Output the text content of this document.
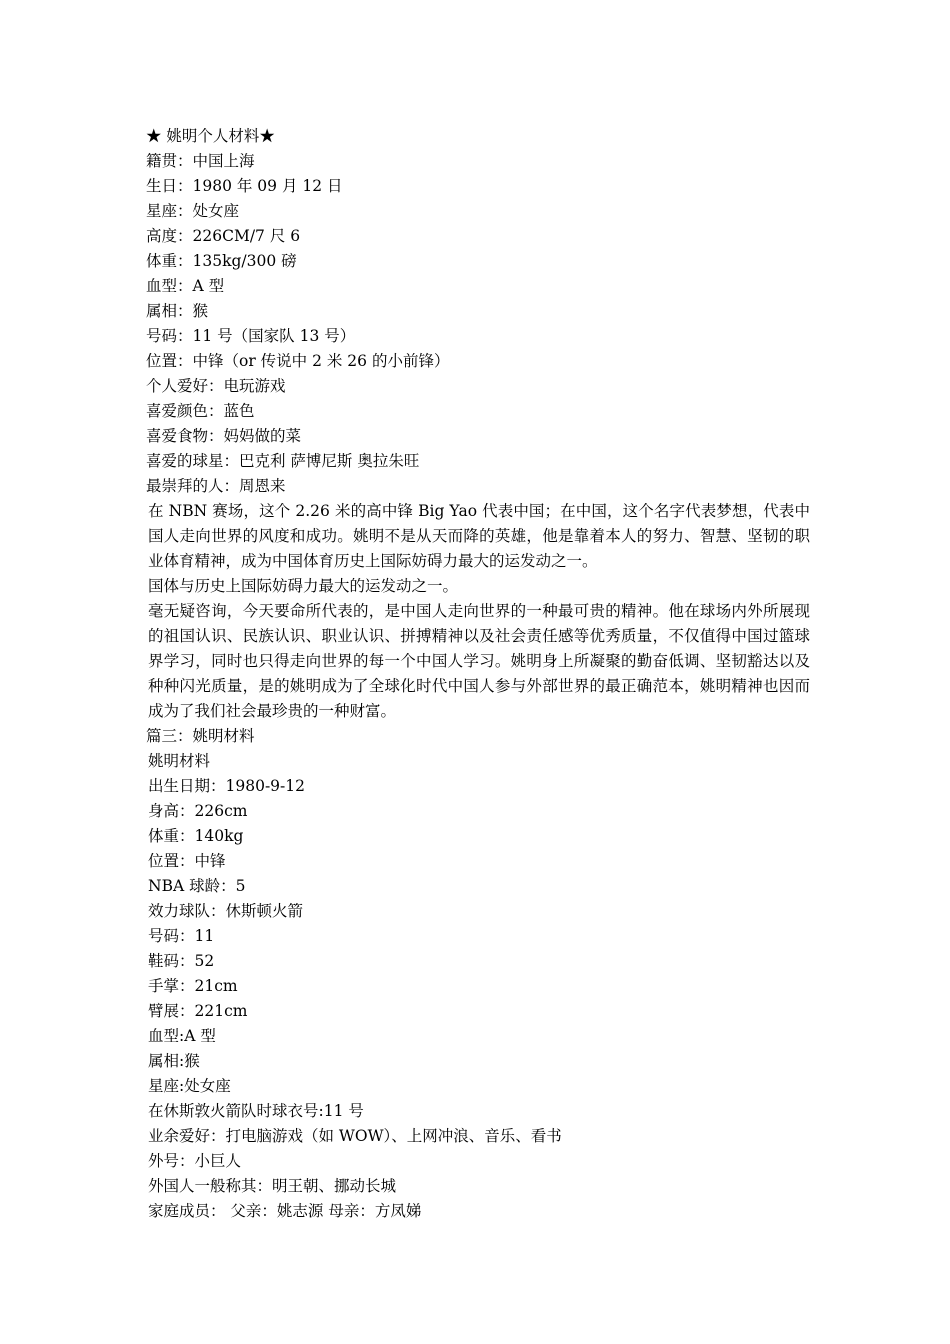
★ 姚明个人材料★
籍贯：中国上海
生日：1980 年 09 月 12 日
星座：处女座
高度：226CM/7 尺 6
体重：135kg/300 磅
血型：A 型
属相：猴
号码：11 号（国家队 13 号）
位置：中锋（or 传说中 2 米 26 的小前锋）
个人爱好：电玩游戏
喜爱颜色：蓝色
喜爱食物：妈妈做的菜
喜爱的球星：巴克利 萨博尼斯 奥拉朱旺
最崇拜的人：周恩来
在 NBN 赛场，这个 2.26 米的高中锋 Big Yao 代表中国；在中国，这个名字代表梦想，代表中国人走向世界的风度和成功。姚明不是从天而降的英雄，他是靠着本人的努力、智慧、坚韧的职业体育精神，成为中国体育历史上国际妨碍力最大的运发动之一。
国体与历史上国际妨碍力最大的运发动之一。
毫无疑咨询，今天要命所代表的，是中国人走向世界的一种最可贵的精神。他在球场内外所展现的祖国认识、民族认识、职业认识、拼搏精神以及社会责任感等优秀质量，不仅值得中国过篮球界学习，同时也只得走向世界的每一个中国人学习。姚明身上所凝聚的勤奋低调、坚韧豁达以及种种闪光质量，是的姚明成为了全球化时代中国人参与外部世界的最正确范本，姚明精神也因而成为了我们社会最珍贵的一种财富。
篇三：姚明材料
姚明材料
出生日期：1980-9-12
身高：226cm
体重：140kg
位置：中锋
NBA 球龄：5
效力球队：休斯顿火箭
号码：11
鞋码：52
手掌：21cm
臂展：221cm
血型:A 型
属相:猴
星座:处女座
在休斯敦火箭队时球衣号:11 号
业余爱好：打电脑游戏（如 WOW）、上网冲浪、音乐、看书
外号：小巨人
外国人一般称其：明王朝、挪动长城
家庭成员： 父亲：姚志源 母亲：方凤娣
